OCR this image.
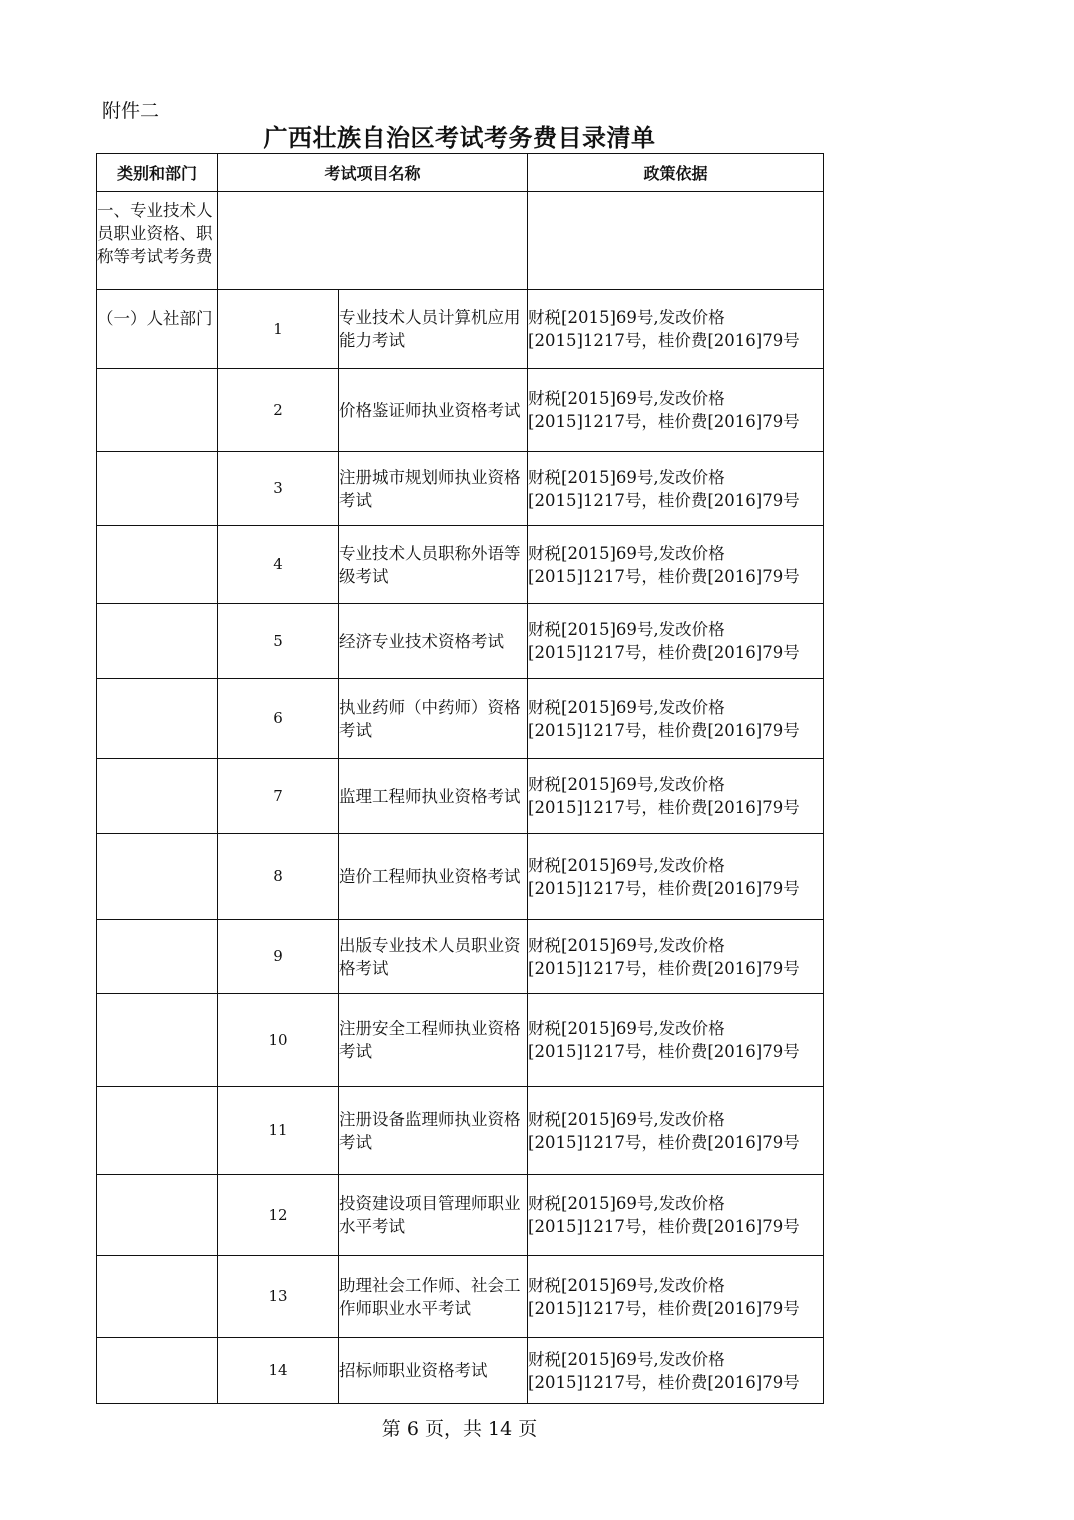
附件二
广西壮族自治区考试考务费目录清单
类别和部门	考试项目名称		政策依据
一、专业技术人员职业资格、职称等考试考务费			
（一）人社部门	1	专业技术人员计算机应用能力考试	财税[2015]69号,发改价格
[2015]1217号，桂价费[2016]79号

	2	价格鉴证师执业资格考试	财税[2015]69号,发改价格
[2015]1217号，桂价费[2016]79号

	3	注册城市规划师执业资格考试	财税[2015]69号,发改价格
[2015]1217号，桂价费[2016]79号

	4	专业技术人员职称外语等级考试	财税[2015]69号,发改价格
[2015]1217号，桂价费[2016]79号

	5	经济专业技术资格考试	财税[2015]69号,发改价格
[2015]1217号，桂价费[2016]79号

	6	执业药师（中药师）资格考试	财税[2015]69号,发改价格
[2015]1217号，桂价费[2016]79号

	7	监理工程师执业资格考试	财税[2015]69号,发改价格
[2015]1217号，桂价费[2016]79号

	8	造价工程师执业资格考试	财税[2015]69号,发改价格
[2015]1217号，桂价费[2016]79号

	9	出版专业技术人员职业资格考试	财税[2015]69号,发改价格
[2015]1217号，桂价费[2016]79号

	10	注册安全工程师执业资格考试	财税[2015]69号,发改价格
[2015]1217号，桂价费[2016]79号

	11	注册设备监理师执业资格考试	财税[2015]69号,发改价格
[2015]1217号，桂价费[2016]79号

	12	投资建设项目管理师职业水平考试	财税[2015]69号,发改价格
[2015]1217号，桂价费[2016]79号

	13	助理社会工作师、社会工作师职业水平考试	财税[2015]69号,发改价格
[2015]1217号，桂价费[2016]79号

	14	招标师职业资格考试	财税[2015]69号,发改价格
[2015]1217号，桂价费[2016]79号
第 6 页，共 14 页
